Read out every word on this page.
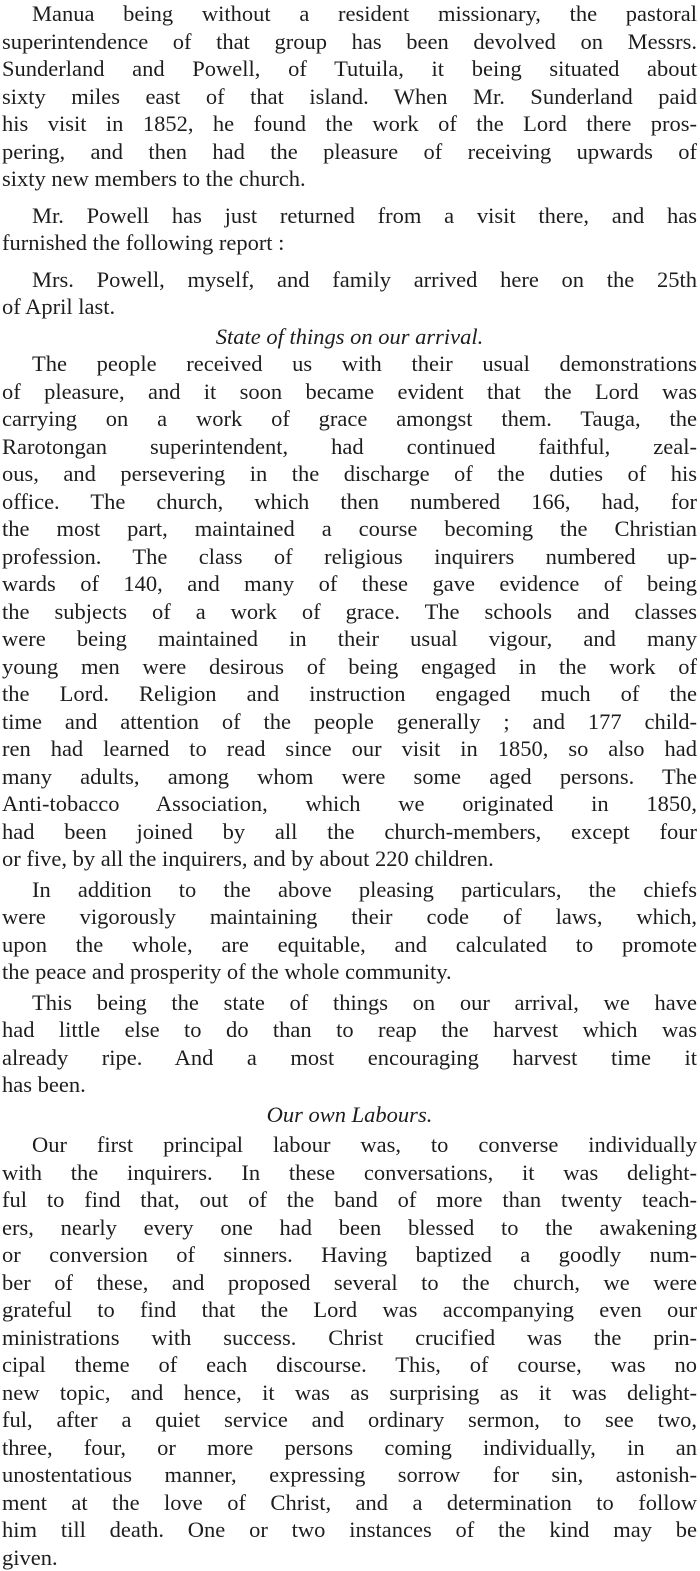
Manua being without a resident missionary, the pastoral
superintendence of that group has been devolved on Messrs.
Sunderland and Powell, of Tutuila, it being situated about
sixty miles east of that island. When Mr. Sunderland paid
his visit in 1852, he found the work of the Lord there pros-
pering, and then had the pleasure of receiving upwards of
sixty new members to the church.
Mr. Powell has just returned from a visit there, and has
furnished the following report :
Mrs. Powell, myself, and family arrived here on the 25th
of April last.
State of things on our arrival.
The people received us with their usual demonstrations
of pleasure, and it soon became evident that the Lord was
carrying on a work of grace amongst them. Tauga, the
Rarotongan superintendent, had continued faithful, zeal-
ous, and persevering in the discharge of the duties of his
office. The church, which then numbered 166, had, for
the most part, maintained a course becoming the Christian
profession. The class of religious inquirers numbered up-
wards of 140, and many of these gave evidence of being
the subjects of a work of grace. The schools and classes
were being maintained in their usual vigour, and many
young men were desirous of being engaged in the work of
the Lord. Religion and instruction engaged much of the
time and attention of the people generally ; and 177 child-
ren had learned to read since our visit in 1850, so also had
many adults, among whom were some aged persons. The
Anti-tobacco Association, which we originated in 1850,
had been joined by all the church-members, except four
or five, by all the inquirers, and by about 220 children.
In addition to the above pleasing particulars, the chiefs
were vigorously maintaining their code of laws, which,
upon the whole, are equitable, and calculated to promote
the peace and prosperity of the whole community.
This being the state of things on our arrival, we have
had little else to do than to reap the harvest which was
already ripe. And a most encouraging harvest time it
has been.
Our own Labours.
Our first principal labour was, to converse individually
with the inquirers. In these conversations, it was delight-
ful to find that, out of the band of more than twenty teach-
ers, nearly every one had been blessed to the awakening
or conversion of sinners. Having baptized a goodly num-
ber of these, and proposed several to the church, we were
grateful to find that the Lord was accompanying even our
ministrations with success. Christ crucified was the prin-
cipal theme of each discourse. This, of course, was no
new topic, and hence, it was as surprising as it was delight-
ful, after a quiet service and ordinary sermon, to see two,
three, four, or more persons coming individually, in an
unostentatious manner, expressing sorrow for sin, astonish-
ment at the love of Christ, and a determination to follow
him till death. One or two instances of the kind may be
given.
